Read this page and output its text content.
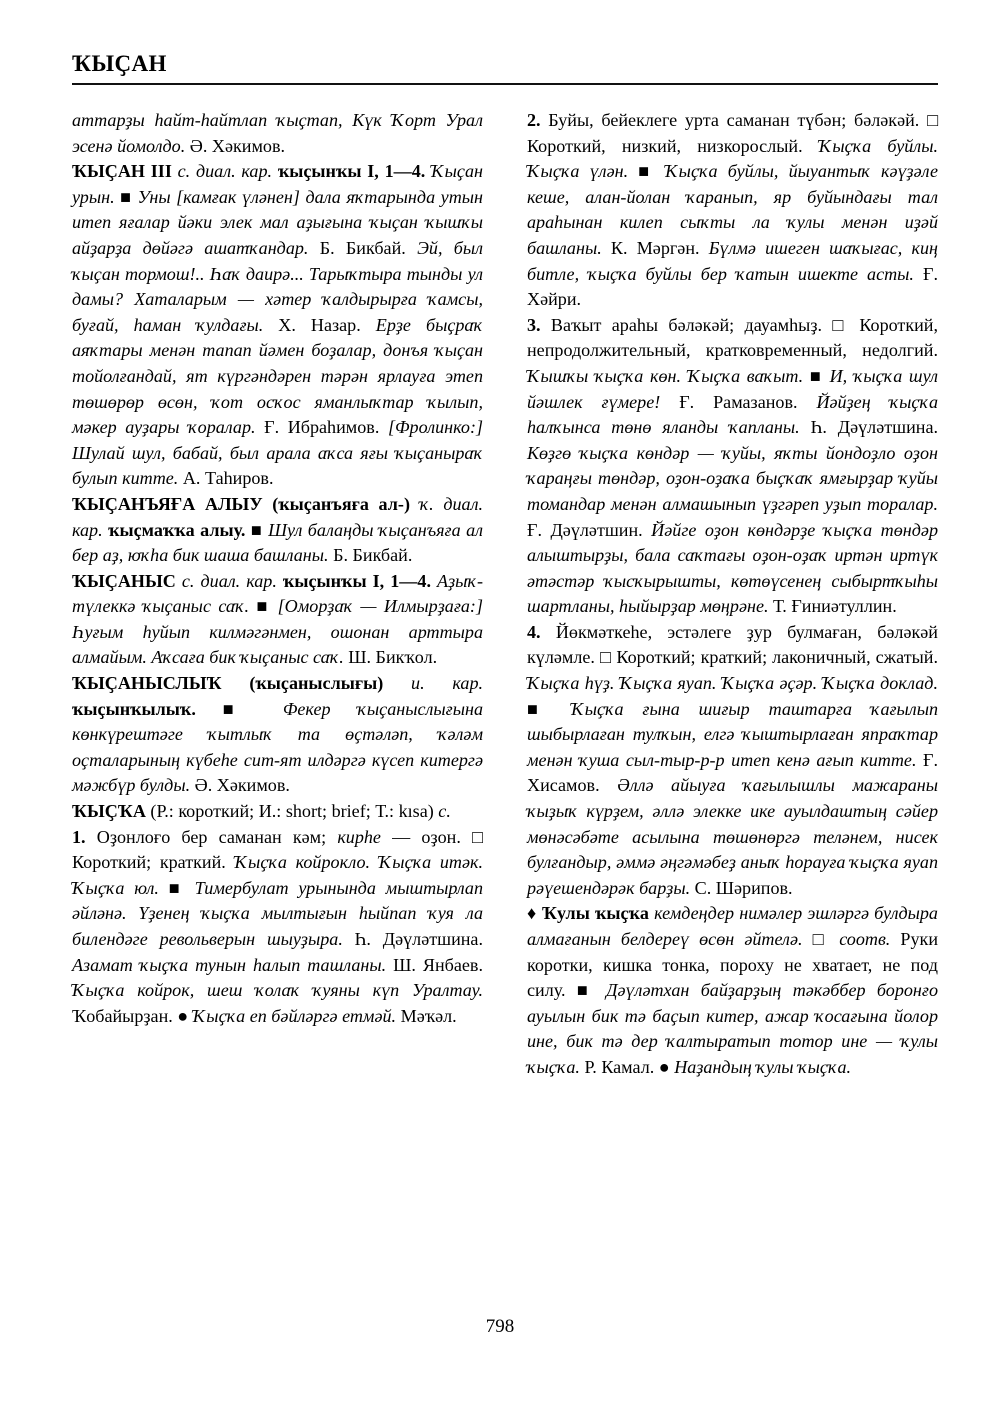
ҠЫҪАН

аттарҙы һайт-һайтлап ҡыҫтап, Күк Ҡорт Урал эсенә йомолдо. Ә. Хәкимов.

ҠЫҪАН III с. диал. кар. ҡыҫынҡы I, 1—4. Ҡыҫан урын. ■ Уны [камғак үләнен] дала яҡтарында утын итеп яғалар йәки элек мал аҙығына ҡыҫан ҡышҡы айҙарҙа дөйәгә ашатҡандар. Б. Бикбай. Эй, был ҡыҫан тормош!.. Һаҡ даирә... Тарыҡтыра тынды ул дамы? Хаталарым — хәтер ҡалдырырға ҡамсы, буғай, һаман ҡулдағы. Х. Назар. Ерҙе быҫраҡ аяҡтары менән тапап йәмен боҙалар, донъя ҡыҫан тойолғандай, ят күргәндәрен тәрән ярлауға этеп төшөрөр өсөн, ҡот осҡос яманлыҡтар ҡылып, мәкер ауҙары ҡоралар. Ғ. Ибраһимов. [Фролинко:] Шулай шул, бабай, был арала аҡса яғы ҡыҫаныраҡ булып китте. А. Таһиров.

ҠЫҪАНЪЯҒА АЛЫУ (ҡыҫанъяға ал-) ҡ. диал. кар. ҡыҫмаҡҡа алыу. ■ Шул балаңды ҡыҫанъяға ал бер аҙ, юҡһа бик шаша башланы. Б. Бикбай.

ҠЫҪАНЫС с. диал. кар. ҡыҫынҡы I, 1—4. Аҙыҡ-түлеккә ҡыҫаныс саҡ. ■ [Оморҙаҡ — Илмырҙаға:] Һуғым һуйып килмәгәнмен, ошонан арттыра алмайым. Аҡсаға бик ҡыҫаныс саҡ. Ш. Бикҡол.

ҠЫҪАНЫСЛЫҠ (ҡыҫаныслығы) и. кар. ҡыҫынҡылыҡ. ■ Фекер ҡыҫаныслығына көнкүрештәге ҡытлыҡ та өҫтәләп, ҡәләм оҫталарының күбеһе сит-ят илдәргә күсеп китергә мәжбүр булды. Ә. Хәкимов.

ҠЫҪҠА (Р.: короткий; И.: short; brief; Т.: kısa) с.

1. Оҙонлоғо бер саманан кәм; кирһе — оҙон. □ Короткий; краткий. Ҡыҫҡа койрокло. Ҡыҫҡа итәк. Ҡыҫҡа юл. ■ Тимербулат урынында мыштырлап әйләнә. Үҙенең ҡыҫҡа мылтығын һыйпап ҡуя ла билендәге револьверын шыуҙыра. Һ. Дәүләтшина. Азамат ҡыҫҡа тунын һалып ташланы. Ш. Янбаев. Ҡыҫҡа койрок, шеш ҡолаҡ ҡуяны күп Уралтау. Ҡобайырҙан. ● Ҡыҫҡа еп бәйләргә етмәй. Мәҡәл.

2. Буйы, бейеклеге урта саманан түбән; бәләкәй. □ Короткий, низкий, низкорослый. Ҡыҫҡа буйлы. Ҡыҫҡа үлән. ■ Ҡыҫҡа буйлы, йыуантыҡ кәүҙәле кеше, алан-йолан ҡаранып, яр буйындағы тал араһынан килеп сыҡты ла ҡулы менән иҙәй башланы. К. Мәргән. Бүлмә ишеген шаҡығас, киң битле, ҡыҫҡа буйлы бер ҡатын ишекте асты. Ғ. Хәйри.

3. Ваҡыт араһы бәләкәй; дауамһыҙ. □ Короткий, непродолжительный, кратковременный, недолгий. Ҡышҡы ҡыҫҡа көн. Ҡыҫҡа ваҡыт. ■ И, ҡыҫҡа шул йәшлек ғүмере! Ғ. Рамазанов. Йәйҙең ҡыҫҡа һалҡынса төнө яланды ҡапланы. Һ. Дәүләтшина. Көҙгө ҡыҫҡа көндәр — ҡуйы, яҡты йондоҙло оҙон ҡараңғы төндәр, оҙон-оҙаҡа быҫҡаҡ ямғырҙар ҡуйы томандар менән алмашынып үҙгәреп уҙып торалар. Ғ. Дәүләтшин. Йәйге оҙон көндәрҙе ҡыҫҡа төндәр алыштырҙы, бала саҡтағы оҙон-оҙаҡ иртән иртүк әтәстәр ҡысҡырышты, көтөүсенең сыбыртҡыһы шартланы, һыйырҙар мөңрәне. Т. Ғиниәтуллин.

4. Йөкмәткеһе, эстәлеге ҙур булмаған, бәләкәй күләмле. □ Короткий; краткий; лаконичный, сжатый. Ҡыҫҡа һүҙ. Ҡыҫҡа яуап. Ҡыҫҡа әҫәр. Ҡыҫҡа доклад. ■ Ҡыҫҡа ғына шиғыр таштарға ҡағылып шыбырлаған тулҡын, елгә ҡыштырлаған япраҡтар менән ҡуша сыл-тыр-р-р итеп кенә ағып китте. Ғ. Хисамов. Әллә айыуға ҡағылышлы мажараны ҡыҙыҡ күрҙем, әллә элекке ике ауылдаштың сәйер мөнәсәбәте асылына төшөнөргә теләнем, нисек булғандыр, әммә әңгәмәбеҙ аныҡ һорауға ҡыҫҡа яуап рәүешендәрәк барҙы. С. Шәрипов.

♦ Ҡулы ҡыҫҡа кемдеңдер нимәлер эшләргә булдыра алмағанын белдереү өсөн әйтелә. □ соотв. Руки коротки, кишка тонка, пороху не хватает, не под силу. ■ Дәүләтхан байҙарҙың тәкәббер боронғо ауылын бик тә баҫып китер, ажар ҡосағына йолор ине, бик тә дер ҡалтыратып тотор ине — ҡулы ҡыҫҡа. Р. Камал. ● Наҙандың ҡулы ҡыҫҡа.

798
